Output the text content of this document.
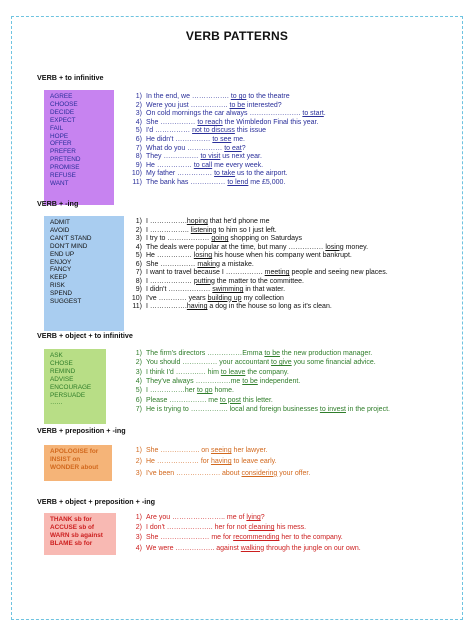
VERB PATTERNS
VERB + to infinitive
AGREE
CHOOSE
DECIDE
EXPECT
FAIL
HOPE
OFFER
PREFER
PRETEND
PROMISE
REFUSE
WANT
1) In the end, we ……………. to go to the theatre
2) Were you just ……………. to be interested?
3) On cold mornings the car always …………………. to start.
4) She …………… to reach the Wimbledon Final this year.
5) I'd …………… not to discuss this issue
6) He didn't …………… to see me.
7) What do you …………… to eat?
8) They …………… to visit us next year.
9) He …………… to call me every week.
10) My father …………… to take us to the airport.
11) The bank has …………… to lend me £5,000.
VERB + -ing
ADMIT
AVOID
CAN'T STAND
DON'T MIND
END UP
ENJOY
FANCY
KEEP
RISK
SPEND
SUGGEST
1) I …………….hoping that he'd phone me
2) I …………….. listening to him so I just left.
3) I try to ……………… going shopping on Saturdays
4) The deals were popular at the time, but many …………… losing money.
5) He …………… losing his house when his company went bankrupt.
6) She …………… making a mistake.
7) I want to travel because I ……………. meeting people and seeing new places.
8) I ……………… putting the matter to the committee.
9) I didn't ……………… swimming in that water.
10) I've ………… years building up my collection
11) I …………….having a dog in the house so long as it's clean.
VERB + object + to infinitive
ASK
CHOSE
REMIND
ADVISE
ENCOURAGE
PERSUADE
……
1) The firm's directors ……………Emma to be the new production manager.
2) You should …………… your accountant to give you some financial advice.
3) I think I'd ……….… him to leave the company.
4) They've always ……………me to be independent.
5) I ……………her to go home.
6) Please ……………. me to post this letter.
7) He is trying to ……………. local and foreign businesses to invest in the project.
VERB + preposition + -ing
APOLOGISE for
INSIST on
WONDER about
1) She …………….. on seeing her lawyer.
2) He ……………… for having to leave early.
3) I've been ………………. about considering your offer.
VERB + object + preposition + -ing
THANK sb for
ACCUSE sb of
WARN sb against
BLAME sb for
1) Are you ………………….. me of lying?
2) I don't ……………….. her for not cleaning his mess.
3) She ………………… me for recommending her to the company.
4) We were …………….. against walking through the jungle on our own.
